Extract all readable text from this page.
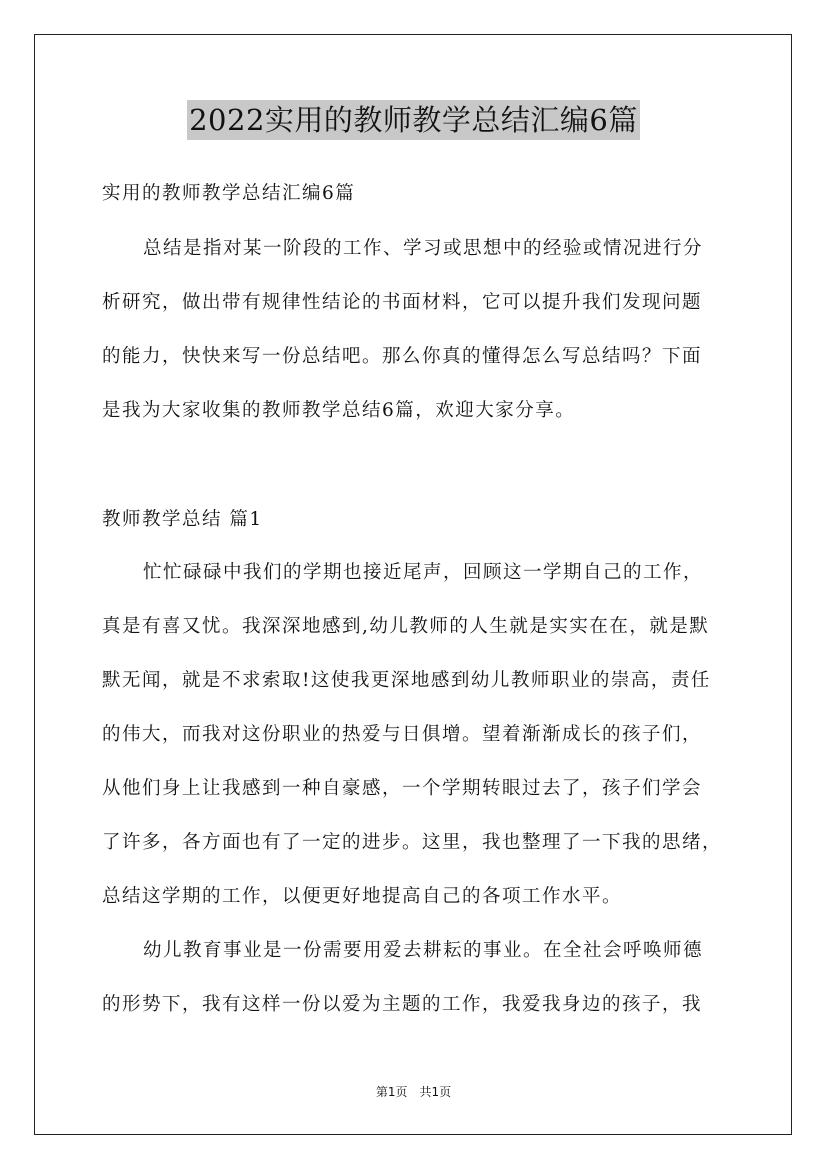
2022实用的教师教学总结汇编6篇
实用的教师教学总结汇编6篇
总结是指对某一阶段的工作、学习或思想中的经验或情况进行分
析研究，做出带有规律性结论的书面材料，它可以提升我们发现问题
的能力，快快来写一份总结吧。那么你真的懂得怎么写总结吗？下面
是我为大家收集的教师教学总结6篇，欢迎大家分享。
教师教学总结 篇1
忙忙碌碌中我们的学期也接近尾声，回顾这一学期自己的工作，
真是有喜又忧。我深深地感到,幼儿教师的人生就是实实在在，就是默
默无闻，就是不求索取!这使我更深地感到幼儿教师职业的崇高，责任
的伟大，而我对这份职业的热爱与日俱增。望着渐渐成长的孩子们，
从他们身上让我感到一种自豪感，一个学期转眼过去了，孩子们学会
了许多，各方面也有了一定的进步。这里，我也整理了一下我的思绪，
总结这学期的工作，以便更好地提高自己的各项工作水平。
幼儿教育事业是一份需要用爱去耕耘的事业。在全社会呼唤师德
的形势下，我有这样一份以爱为主题的工作，我爱我身边的孩子，我
第1页　共1页
